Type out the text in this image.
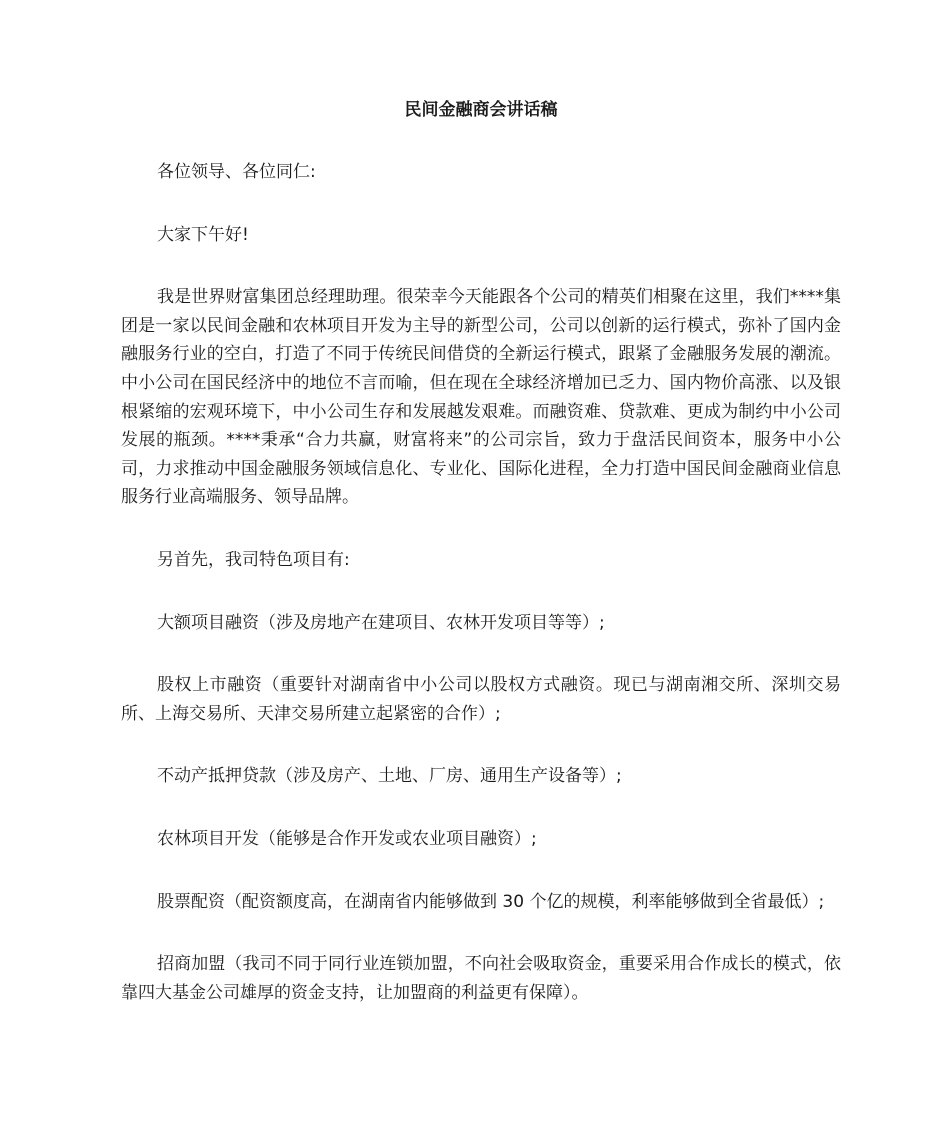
民间金融商会讲话稿

各位领导、各位同仁:

大家下午好!

我是世界财富集团总经理助理。很荣幸今天能跟各个公司的精英们相聚在这里，我们****集团是一家以民间金融和农林项目开发为主导的新型公司，公司以创新的运行模式，弥补了国内金融服务行业的空白，打造了不同于传统民间借贷的全新运行模式，跟紧了金融服务发展的潮流。中小公司在国民经济中的地位不言而喻，但在现在全球经济增加已乏力、国内物价高涨、以及银根紧缩的宏观环境下，中小公司生存和发展越发艰难。而融资难、贷款难、更成为制约中小公司发展的瓶颈。****秉承“合力共赢，财富将来”的公司宗旨，致力于盘活民间资本，服务中小公司，力求推动中国金融服务领域信息化、专业化、国际化进程，全力打造中国民间金融商业信息服务行业高端服务、领导品牌。

另首先，我司特色项目有:

大额项目融资（涉及房地产在建项目、农林开发项目等等）;

股权上市融资（重要针对湖南省中小公司以股权方式融资。现已与湖南湘交所、深圳交易所、上海交易所、天津交易所建立起紧密的合作）;

不动产抵押贷款（涉及房产、土地、厂房、通用生产设备等）;

农林项目开发（能够是合作开发或农业项目融资）;

股票配资（配资额度高，在湖南省内能够做到 30 个亿的规模，利率能够做到全省最低）;

招商加盟（我司不同于同行业连锁加盟，不向社会吸取资金，重要采用合作成长的模式，依靠四大基金公司雄厚的资金支持，让加盟商的利益更有保障）。
